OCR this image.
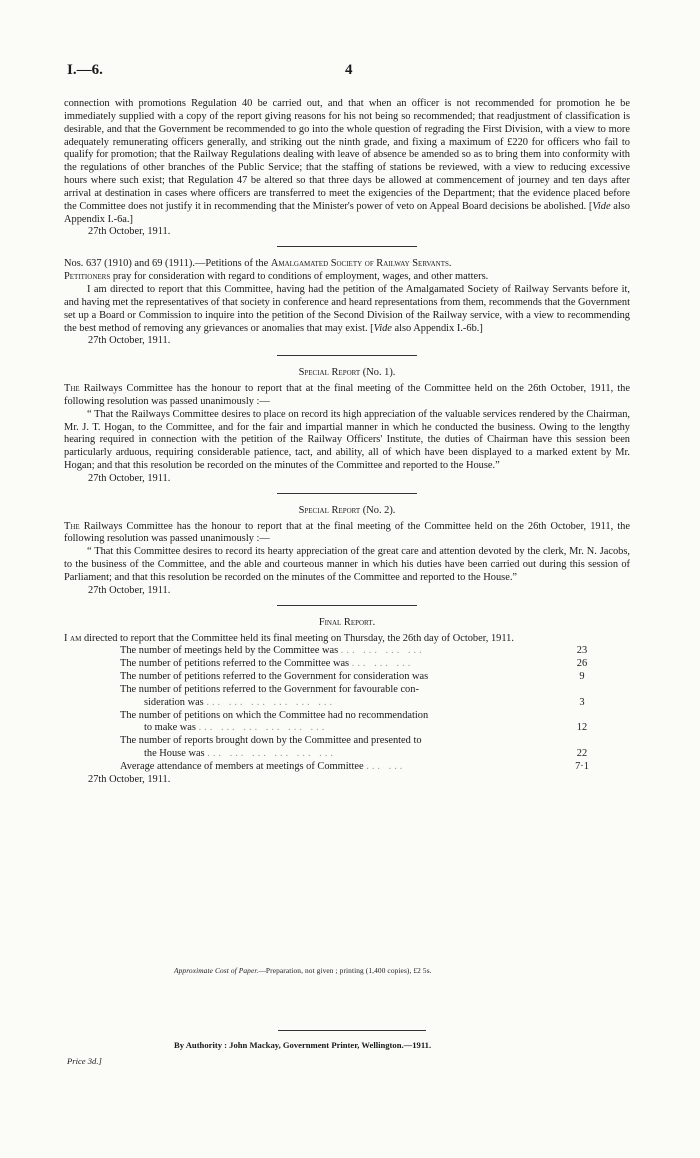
I.—6.	4

connection with promotions Regulation 40 be carried out, and that when an officer is not recommended for promotion he be immediately supplied with a copy of the report giving reasons for his not being so recommended; that readjustment of classification is desirable, and that the Government be recommended to go into the whole question of regrading the First Division, with a view to more adequately remunerating officers generally, and striking out the ninth grade, and fixing a maximum of £220 for officers who fail to qualify for promotion; that the Railway Regulations dealing with leave of absence be amended so as to bring them into conformity with the regulations of other branches of the Public Service; that the staffing of stations be reviewed, with a view to reducing excessive hours where such exist; that Regulation 47 be altered so that three days be allowed at commencement of journey and ten days after arrival at destination in cases where officers are transferred to meet the exigencies of the Department; that the evidence placed before the Committee does not justify it in recommending that the Minister's power of veto on Appeal Board decisions be abolished. [Vide also Appendix I.-6a.]

27th October, 1911.

Nos. 637 (1910) and 69 (1911).—Petitions of the Amalgamated Society of Railway Servants.

Petitioners pray for consideration with regard to conditions of employment, wages, and other matters.

I am directed to report that this Committee, having had the petition of the Amalgamated Society of Railway Servants before it, and having met the representatives of that society in conference and heard representations from them, recommends that the Government set up a Board or Commission to inquire into the petition of the Second Division of the Railway service, with a view to recommending the best method of removing any grievances or anomalies that may exist. [Vide also Appendix I.-6b.]

27th October, 1911.

Special Report (No. 1).

The Railways Committee has the honour to report that at the final meeting of the Committee held on the 26th October, 1911, the following resolution was passed unanimously :—

“ That the Railways Committee desires to place on record its high appreciation of the valuable services rendered by the Chairman, Mr. J. T. Hogan, to the Committee, and for the fair and impartial manner in which he conducted the business. Owing to the lengthy hearing required in connection with the petition of the Railway Officers' Institute, the duties of Chairman have this session been particularly arduous, requiring considerable patience, tact, and ability, all of which have been displayed to a marked extent by Mr. Hogan; and that this resolution be recorded on the minutes of the Committee and reported to the House.”

27th October, 1911.

Special Report (No. 2).

The Railways Committee has the honour to report that at the final meeting of the Committee held on the 26th October, 1911, the following resolution was passed unanimously :—

“ That this Committee desires to record its hearty appreciation of the great care and attention devoted by the clerk, Mr. N. Jacobs, to the business of the Committee, and the able and courteous manner in which his duties have been carried out during this session of Parliament; and that this resolution be recorded on the minutes of the Committee and reported to the House.”

27th October, 1911.

Final Report.

I am directed to report that the Committee held its final meeting on Thursday, the 26th day of October, 1911.

The number of meetings held by the Committee was ... ... ... ...	23
The number of petitions referred to the Committee was ... ... ...	26
The number of petitions referred to the Government for consideration was	9
The number of petitions referred to the Government for favourable con-
sideration was ... ... ... ... ... ...	3
The number of petitions on which the Committee had no recommendation
to make was ... ... ... ... ... ...	12
The number of reports brought down by the Committee and presented to
the House was ... ... ... ... ... ...	22
Average attendance of members at meetings of Committee ... ...	7·1

27th October, 1911.

Approximate Cost of Paper.—Preparation, not given ; printing (1,400 copies), £2 5s.
By Authority : John Mackay, Government Printer, Wellington.—1911.
Price 3d.]
